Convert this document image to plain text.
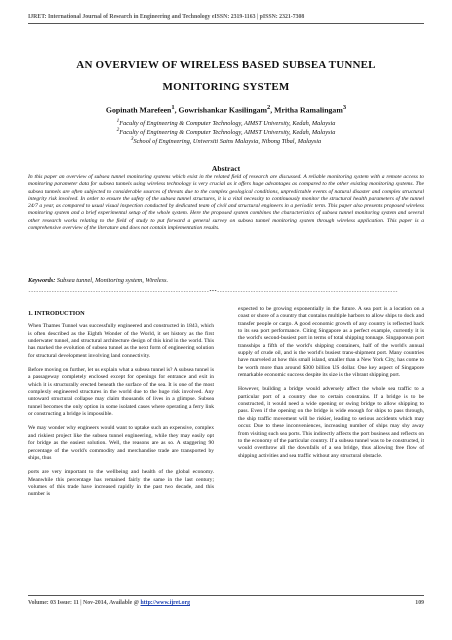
IJRET: International Journal of Research in Engineering and Technology eISSN: 2319-1163 | pISSN: 2321-7308
AN OVERVIEW OF WIRELESS BASED SUBSEA TUNNEL
MONITORING SYSTEM
Gopinath Marefeen$^1$, Gowrishankar Kasilingam$^2$, Mritha Ramalingam$^3$
$^1$Faculty of Engineering & Computer Technology, AIMST University, Kedah, Malaysia
$^2$Faculty of Engineering & Computer Technology, AIMST University, Kedah, Malaysia
$^3$School of Engineering, Universiti Sains Malaysia, Nibong Tibal, Malaysia
Abstract
In this paper an overview of subsea tunnel monitoring systems which exist in the related field of research are discussed. A reliable monitoring system with a remote access to monitoring parameter data for subsea tunnels using wireless technology is very crucial as it offers huge advantages as compared to the other existing monitoring systems. The subsea tunnels are often subjected to considerable sources of threats due to the complex geological conditions, unpredictable events of natural disaster and complex structural integrity risk involved. In order to ensure the safety of the subsea tunnel structures, it is a vital necessity to continuously monitor the structural health parameters of the tunnel 24/7 a year, as compared to usual visual inspection conducted by dedicated team of civil and structural engineers in a periodic term. This paper also presents proposed wireless monitoring system and a brief experimental setup of the whole system. Here the proposed system combines the characteristics of subsea tunnel monitoring system and several other research works relating to the field of study to put forward a general survey on subsea tunnel monitoring system through wireless application. This paper is a comprehensive overview of the literature and does not contain implementation results.
Keywords: Subsea tunnel, Monitoring system, Wireless.
----------------------------------------------------------------------***----------------------------------------------------------------------
1. INTRODUCTION

When Thames Tunnel was successfully engineered and constructed in 1843, which is often described as the Eighth Wonder of the World, it set history as the first underwater tunnel, and structural architecture design of this kind in the world. This has marked the evolution of subsea tunnel as the next form of engineering solution for structural development involving land connectivity.

Before moving on further, let us explain what a subsea tunnel is? A subsea tunnel is a passageway completely enclosed except for openings for entrance and exit in which it is structurally erected beneath the surface of the sea. It is one of the most complexly engineered structures in the world due to the huge risk involved. Any untoward structural collapse may claim thousands of lives in a glimpse. Subsea tunnel becomes the only option in some isolated cases where operating a ferry link or constructing a bridge is impossible.

We may wonder why engineers would want to uptake such an expensive, complex and riskiest project like the subsea tunnel engineering, while they may easily opt for bridge as the easiest solution. Well, the reasons are as so. A staggering 90 percentage of the world's commodity and merchandise trade are transported by ships, thus

ports are very important to the wellbeing and health of the global economy. Meanwhile this percentage has remained fairly the same in the last century; volumes of this trade have increased rapidly in the past two decade, and this number is

expected to be growing exponentially in the future. A sea port is a location on a coast or shore of a country that contains multiple harbors to allow ships to dock and transfer people or cargo. A good economic growth of any country is reflected back to its sea port performance. Citing Singapore as a perfect example, currently it is the world's second-busiest port in terms of total shipping tonnage. Singaporean port transships a fifth of the world's shipping containers, half of the world's annual supply of crude oil, and is the world's busiest trans-shipment port. Many countries have marveled at how this small island, smaller than a New York City, has come to be worth more than around $300 billion US dollar. One key aspect of Singapore remarkable economic success despite its size is the vibrant shipping port.

However, building a bridge would adversely affect the whole sea traffic to a particular port of a country due to certain constrains. If a bridge is to be constructed, it would need a wide opening or swing bridge to allow shipping to pass. Even if the opening on the bridge is wide enough for ships to pass through, the ship traffic movement will be riskier, leading to serious accidents which may occur. Due to these inconveniences, increasing number of ships may shy away from visiting such sea ports. This indirectly affects the port business and reflects on to the economy of the particular country. If a subsea tunnel was to be constructed, it would overthrow all the downfalls of a sea bridge, thus allowing free flow of shipping activities and sea traffic without any structural obstacle.

Volume: 03 Issue: 11 | Nov-2014, Available @ http://www.ijret.org	109
